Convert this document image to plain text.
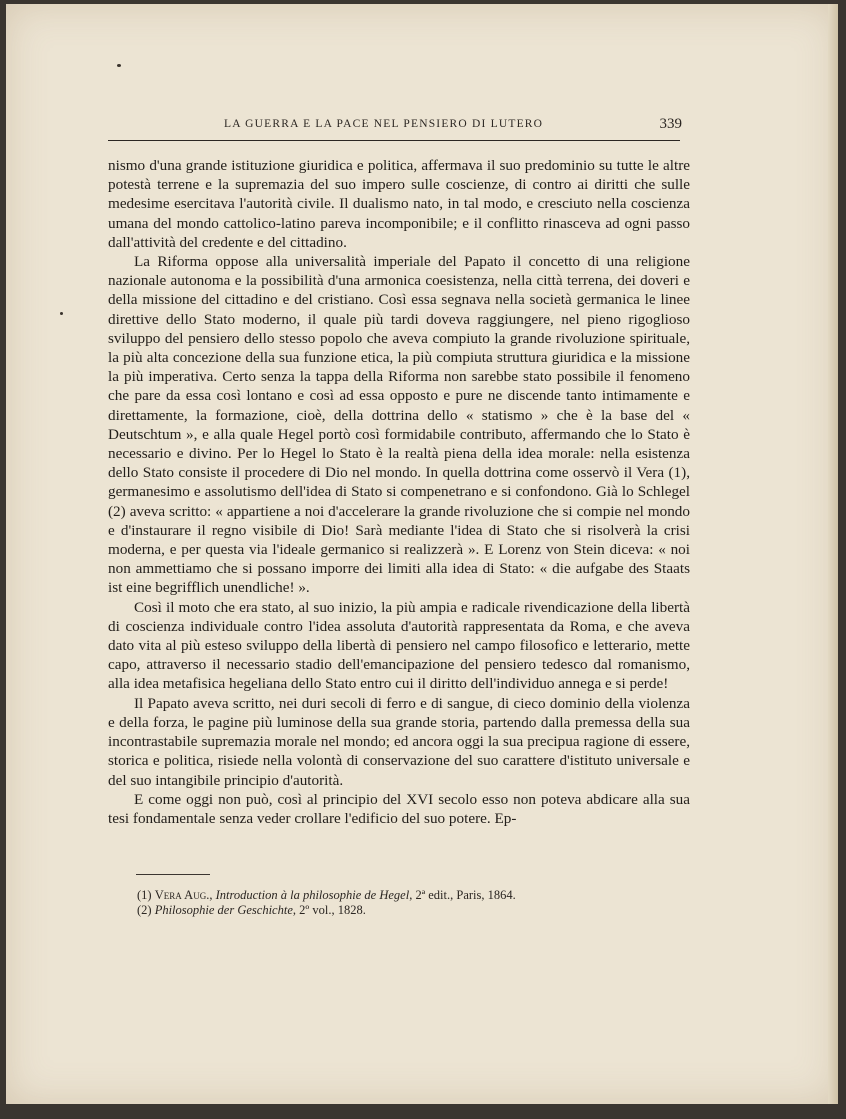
LA GUERRA E LA PACE NEL PENSIERO DI LUTERO	339

nismo d'una grande istituzione giuridica e politica, affermava il suo predominio su tutte le altre potestà terrene e la supremazia del suo impero sulle coscienze, di contro ai diritti che sulle medesime esercitava l'autorità civile. Il dualismo nato, in tal modo, e cresciuto nella coscienza umana del mondo cattolico-latino pareva incomponibile; e il conflitto rinasceva ad ogni passo dall'attività del credente e del cittadino.

La Riforma oppose alla universalità imperiale del Papato il concetto di una religione nazionale autonoma e la possibilità d'una armonica coesistenza, nella città terrena, dei doveri e della missione del cittadino e del cristiano. Così essa segnava nella società germanica le linee direttive dello Stato moderno, il quale più tardi doveva raggiungere, nel pieno rigoglioso sviluppo del pensiero dello stesso popolo che aveva compiuto la grande rivoluzione spirituale, la più alta concezione della sua funzione etica, la più compiuta struttura giuridica e la missione la più imperativa. Certo senza la tappa della Riforma non sarebbe stato possibile il fenomeno che pare da essa così lontano e così ad essa opposto e pure ne discende tanto intimamente e direttamente, la formazione, cioè, della dottrina dello « statismo » che è la base del « Deutschtum », e alla quale Hegel portò così formidabile contributo, affermando che lo Stato è necessario e divino. Per lo Hegel lo Stato è la realtà piena della idea morale: nella esistenza dello Stato consiste il procedere di Dio nel mondo. In quella dottrina come osservò il Vera (1), germanesimo e assolutismo dell'idea di Stato si compenetrano e si confondono. Già lo Schlegel (2) aveva scritto: « appartiene a noi d'accelerare la grande rivoluzione che si compie nel mondo e d'instaurare il regno visibile di Dio! Sarà mediante l'idea di Stato che si risolverà la crisi moderna, e per questa via l'ideale germanico si realizzerà ». E Lorenz von Stein diceva: « noi non ammettiamo che si possano imporre dei limiti alla idea di Stato: « die aufgabe des Staats ist eine begrifflich unendliche! ».

Così il moto che era stato, al suo inizio, la più ampia e radicale rivendicazione della libertà di coscienza individuale contro l'idea assoluta d'autorità rappresentata da Roma, e che aveva dato vita al più esteso sviluppo della libertà di pensiero nel campo filosofico e letterario, mette capo, attraverso il necessario stadio dell'emancipazione del pensiero tedesco dal romanismo, alla idea metafisica hegeliana dello Stato entro cui il diritto dell'individuo annega e si perde!

Il Papato aveva scritto, nei duri secoli di ferro e di sangue, di cieco dominio della violenza e della forza, le pagine più luminose della sua grande storia, partendo dalla premessa della sua incontrastabile supremazia morale nel mondo; ed ancora oggi la sua precipua ragione di essere, storica e politica, risiede nella volontà di conservazione del suo carattere d'istituto universale e del suo intangibile principio d'autorità.

E come oggi non può, così al principio del XVI secolo esso non poteva abdicare alla sua tesi fondamentale senza veder crollare l'edificio del suo potere. Ep-

(1) Vera Aug., Introduction à la philosophie de Hegel, 2ª edit., Paris, 1864.

(2) Philosophie der Geschichte, 2º vol., 1828.
